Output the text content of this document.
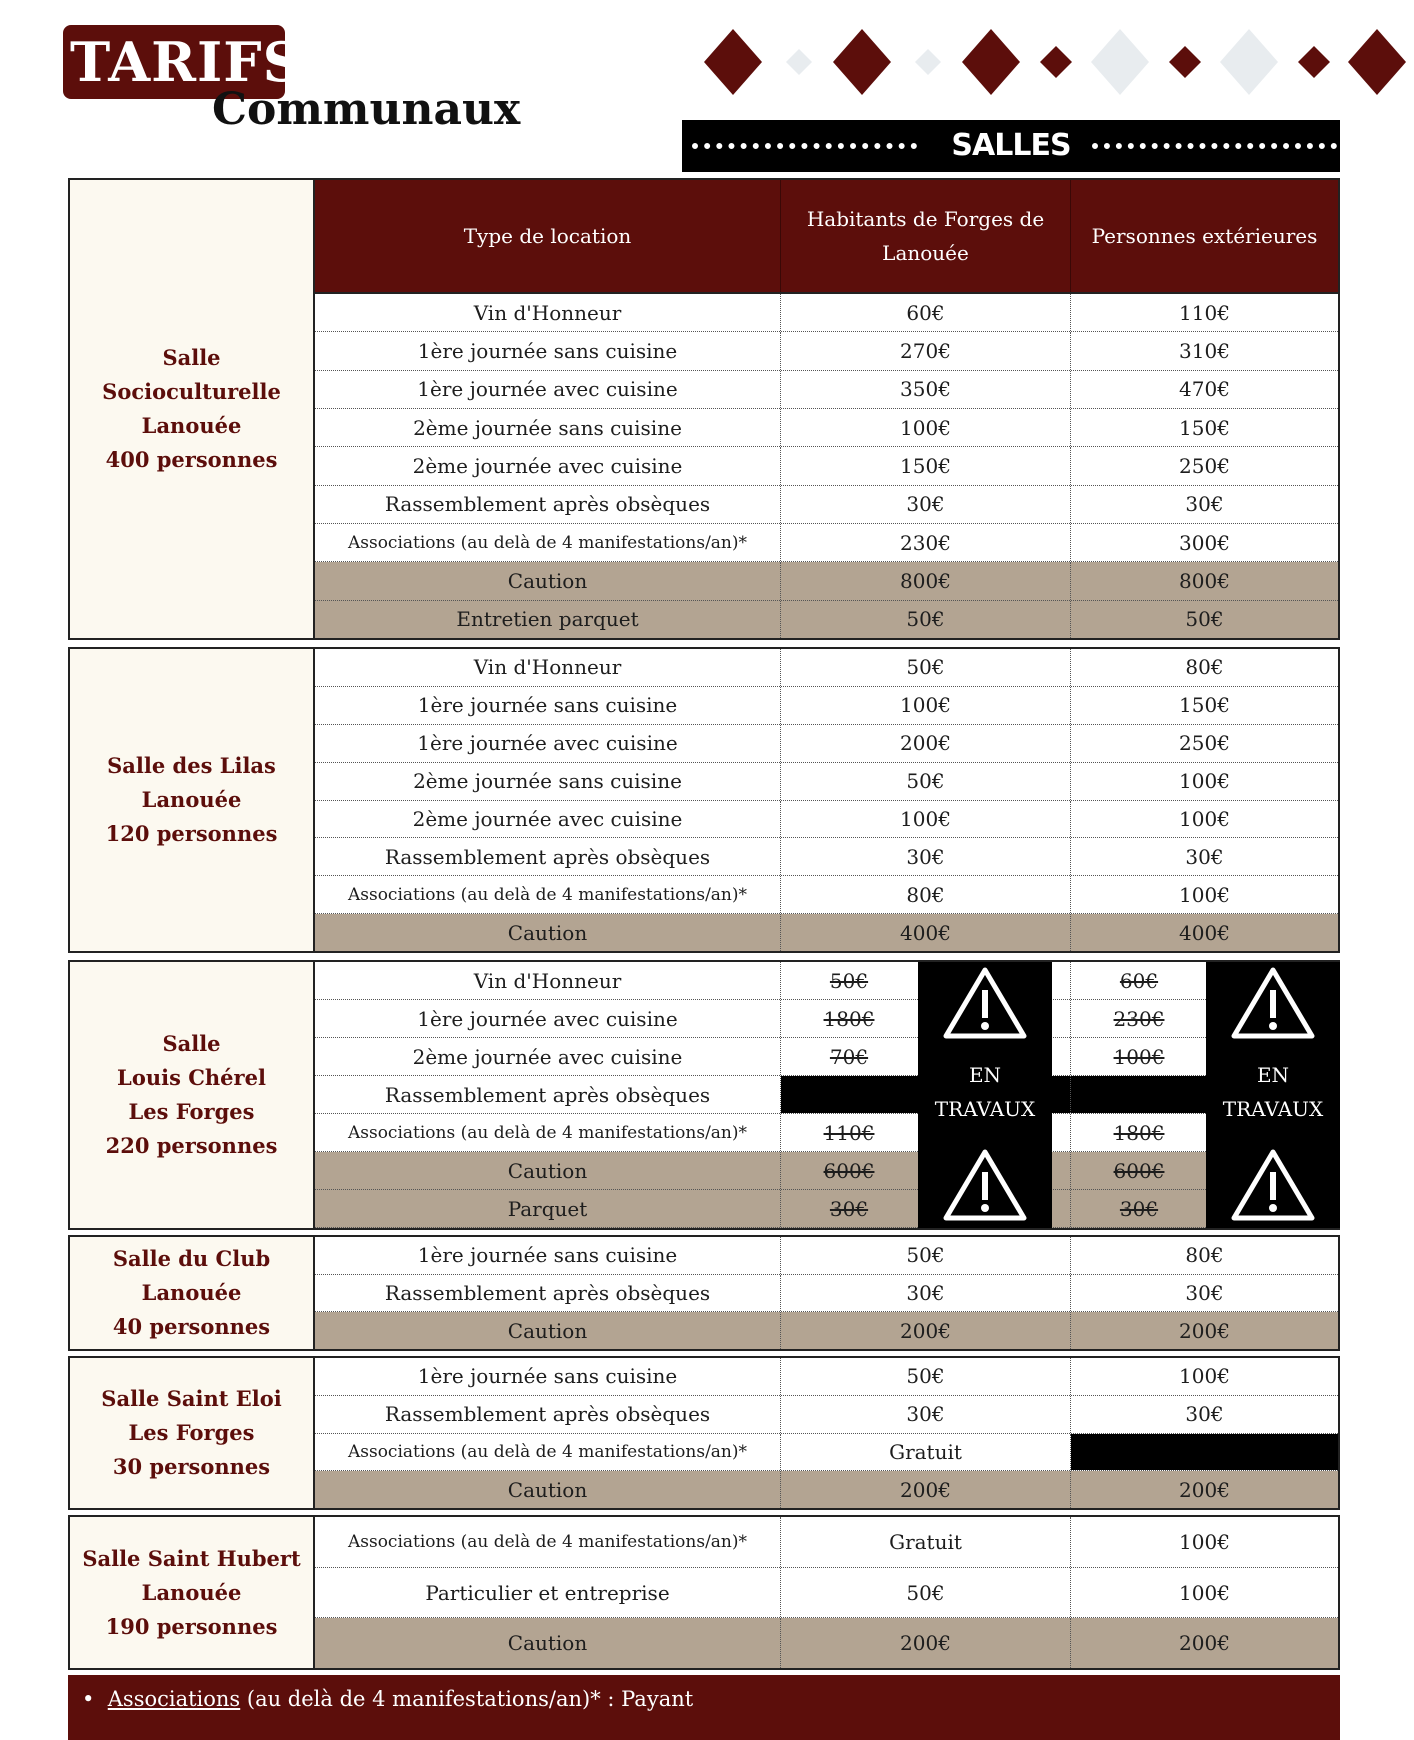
TARIFS
Communaux
SALLES
Salle Socioculturelle
Lanouée
400 personnes
Type de location
Habitants de Forges de Lanouée
Personnes extérieures
Vin d'Honneur	60€	110€
1ère journée sans cuisine	270€	310€
1ère journée avec cuisine	350€	470€
2ème journée sans cuisine	100€	150€
2ème journée avec cuisine	150€	250€
Rassemblement après obsèques	30€	30€
Associations (au delà de 4 manifestations/an)*	230€	300€
Caution	800€	800€
Entretien parquet	50€	50€
Salle des Lilas
Lanouée
120 personnes
Vin d'Honneur	50€	80€
1ère journée sans cuisine	100€	150€
1ère journée avec cuisine	200€	250€
2ème journée sans cuisine	50€	100€
2ème journée avec cuisine	100€	100€
Rassemblement après obsèques	30€	30€
Associations (au delà de 4 manifestations/an)*	80€	100€
Caution	400€	400€
Salle
Louis Chérel
Les Forges
220 personnes
Vin d'Honneur	50€	60€
1ère journée avec cuisine	180€	230€
2ème journée avec cuisine	70€	100€
Rassemblement après obsèques
Associations (au delà de 4 manifestations/an)*	110€	180€
Caution	600€	600€
Parquet	30€	30€
EN
TRAVAUX
EN
TRAVAUX
Salle du Club
Lanouée
40 personnes
1ère journée sans cuisine	50€	80€
Rassemblement après obsèques	30€	30€
Caution	200€	200€
Salle Saint Eloi
Les Forges
30 personnes
1ère journée sans cuisine	50€	100€
Rassemblement après obsèques	30€	30€
Associations (au delà de 4 manifestations/an)*	Gratuit
Caution	200€	200€
Salle Saint Hubert
Lanouée
190 personnes
Associations (au delà de 4 manifestations/an)*	Gratuit	100€
Particulier et entreprise	50€	100€
Caution	200€	200€
•  Associations (au delà de 4 manifestations/an)* : Payant
